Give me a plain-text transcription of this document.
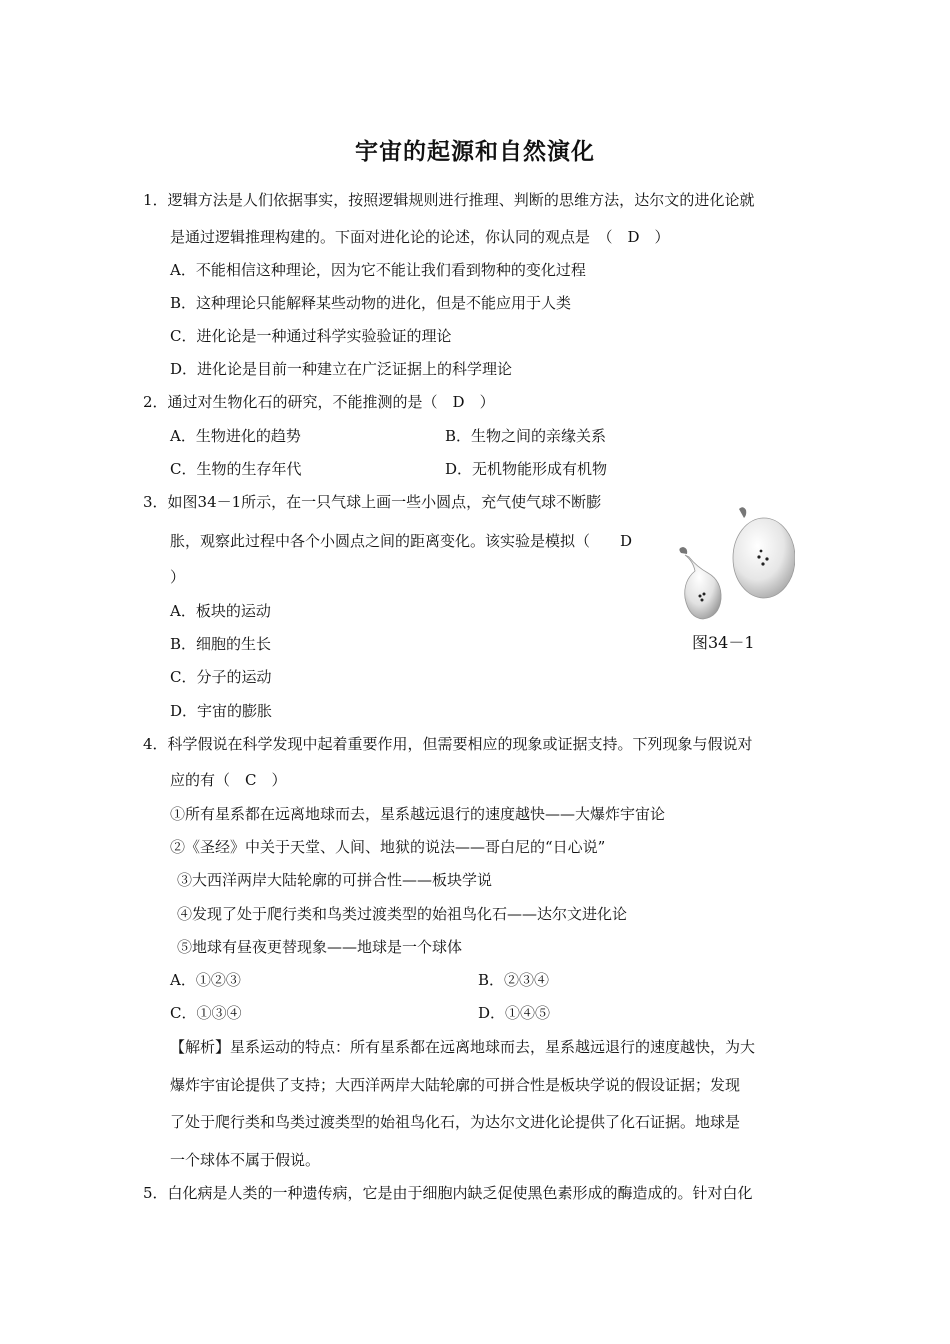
宇宙的起源和自然演化
1．逻辑方法是人们依据事实，按照逻辑规则进行推理、判断的思维方法，达尔文的进化论就
是通过逻辑推理构建的。下面对进化论的论述，你认同的观点是　（　D　）
A．不能相信这种理论，因为它不能让我们看到物种的变化过程
B．这种理论只能解释某些动物的进化，但是不能应用于人类
C．进化论是一种通过科学实验验证的理论
D．进化论是目前一种建立在广泛证据上的科学理论
2．通过对生物化石的研究，不能推测的是（　D　）
A．生物进化的趋势	B．生物之间的亲缘关系
C．生物的生存年代	D．无机物能形成有机物
3．如图34－1所示，在一只气球上画一些小圆点，充气使气球不断膨
胀，观察此过程中各个小圆点之间的距离变化。该实验是模拟（　　D
）
A．板块的运动
B．细胞的生长
C．分子的运动
D．宇宙的膨胀
图34－1
4．科学假说在科学发现中起着重要作用，但需要相应的现象或证据支持。下列现象与假说对
应的有（　C　）
①所有星系都在远离地球而去，星系越远退行的速度越快——大爆炸宇宙论
②《圣经》中关于天堂、人间、地狱的说法——哥白尼的“日心说”
③大西洋两岸大陆轮廓的可拼合性——板块学说
④发现了处于爬行类和鸟类过渡类型的始祖鸟化石——达尔文进化论
⑤地球有昼夜更替现象——地球是一个球体
A．①②③	B．②③④
C．①③④	D．①④⑤
【解析】星系运动的特点：所有星系都在远离地球而去，星系越远退行的速度越快，为大
爆炸宇宙论提供了支持；大西洋两岸大陆轮廓的可拼合性是板块学说的假设证据；发现
了处于爬行类和鸟类过渡类型的始祖鸟化石，为达尔文进化论提供了化石证据。地球是
一个球体不属于假说。
5．白化病是人类的一种遗传病，它是由于细胞内缺乏促使黑色素形成的酶造成的。针对白化
